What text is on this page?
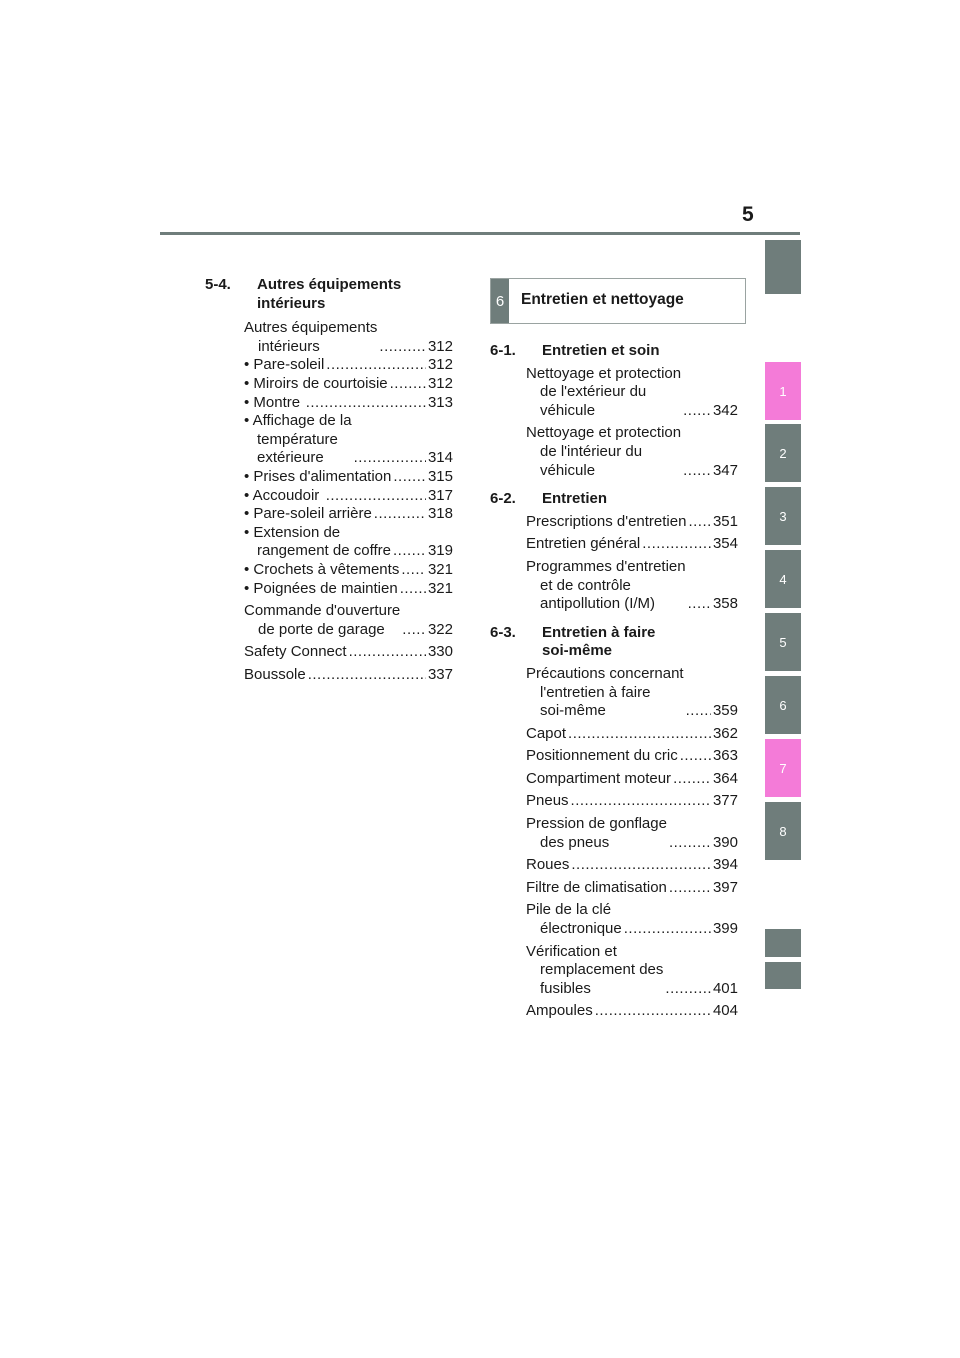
5
1
2
3
4
5
6
7
8
5-4.	Autres équipements
intérieurs
Autres équipements
intérieurs .....	312
• Pare-soleil .....	312
• Miroirs de courtoisie .....	312
• Montre .....	313
• Affichage de la
température
extérieure .....	314
• Prises d'alimentation ..... 315
• Accoudoir .....	317
• Pare-soleil arrière .....	318
• Extension de
rangement de coffre ..... 319
• Crochets à vêtements ..... 321
• Poignées de maintien ..... 321
Commande d'ouverture
de porte de garage .....	322
Safety Connect .....	330
Boussole .....	337
6	Entretien et nettoyage
6-1.	Entretien et soin
Nettoyage et protection
de l'extérieur du
véhicule .....	342
Nettoyage et protection
de l'intérieur du
véhicule .....	347
6-2.	Entretien
Prescriptions d'entretien ..... 351
Entretien général .....	354
Programmes d'entretien
et de contrôle
antipollution (I/M) .....	358
6-3.	Entretien à faire
soi-même
Précautions concernant
l'entretien à faire
soi-même .....	359
Capot .....	362
Positionnement du cric ..... 363
Compartiment moteur .....	364
Pneus .....	377
Pression de gonflage
des pneus .....	390
Roues .....	394
Filtre de climatisation .....	397
Pile de la clé
électronique .....	399
Vérification et
remplacement des
fusibles .....	401
Ampoules .....	404
